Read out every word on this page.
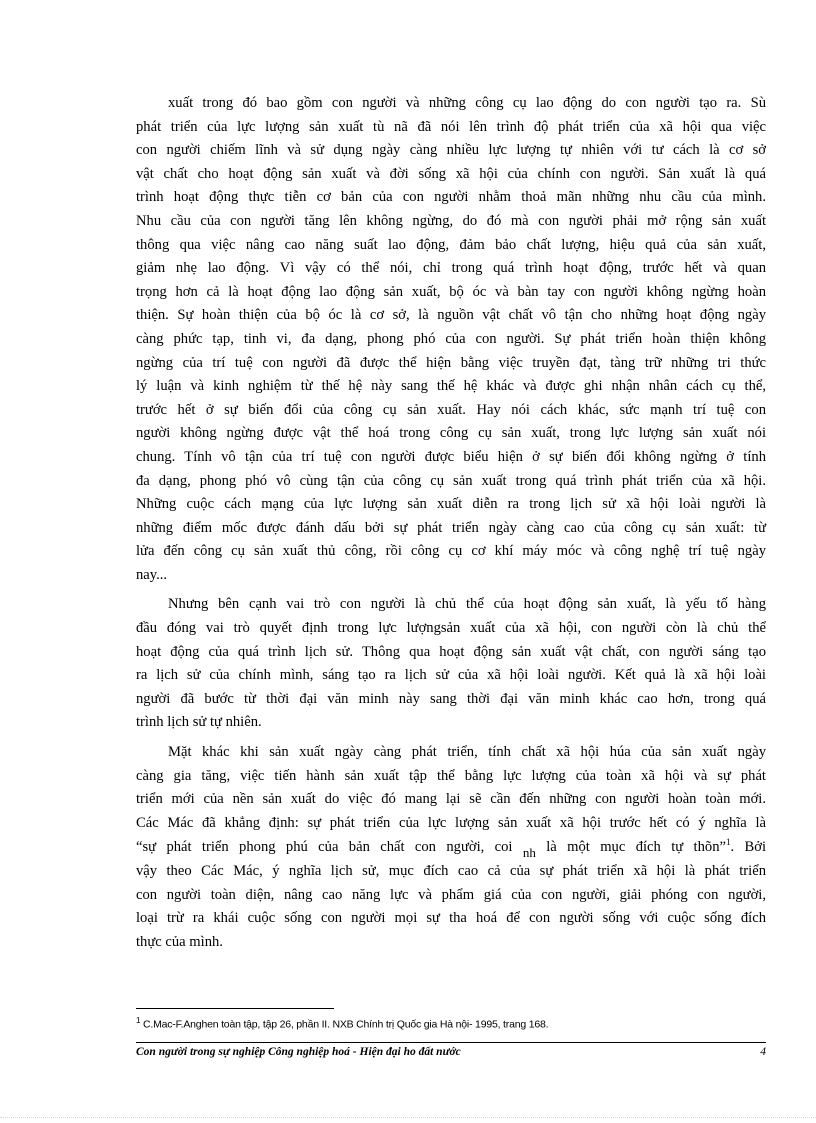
xuất trong đó bao gồm con người và những công cụ lao động do con người tạo ra. Sù
phát triển của lực lượng sản xuất tù nã đã nói lên trình độ phát triển của xã hội qua việc
con người chiếm lĩnh và sử dụng ngày càng nhiều lực lượng tự nhiên với tư cách là cơ sở
vật chất cho hoạt động sản xuất và đời sống xã hội của chính con người. Sản xuất là quá
trình hoạt động thực tiễn cơ bản của con người nhằm thoả mãn những nhu cầu của mình.
Nhu cầu của con người tăng lên không ngừng, do đó mà con người phải mở rộng sản xuất
thông qua việc nâng cao năng suất lao động, đảm bảo chất lượng, hiệu quả của sản xuất,
giảm nhẹ lao động. Vì vậy có thể nói, chỉ trong quá trình hoạt động, trước hết và quan
trọng hơn cả là hoạt động lao động sản xuất, bộ óc và bàn tay con người không ngừng hoàn
thiện. Sự hoàn thiện của bộ óc là cơ sở, là nguồn vật chất vô tận cho những hoạt động ngày
càng phức tạp, tinh vi, đa dạng, phong phó của con người. Sự phát triển hoàn thiện không
ngừng của trí tuệ con người đã được thể hiện bằng việc truyền đạt, tàng trữ những tri thức
lý luận và kinh nghiệm từ thế hệ này sang thế hệ khác và được ghi nhận nhân cách cụ thể,
trước hết ở sự biến đổi của công cụ sản xuất. Hay nói cách khác, sức mạnh trí tuệ con
người không ngừng được vật thể hoá trong công cụ sản xuất, trong lực lượng sản xuất nói
chung. Tính vô tận của trí tuệ con người được biểu hiện ở sự biến đổi không ngừng ở tính
đa dạng, phong phó vô cùng tận của công cụ sản xuất trong quá trình phát triển của xã hội.
Những cuộc cách mạng của lực lượng sản xuất diễn ra trong lịch sử xã hội loài người là
những điểm mốc được đánh dấu bởi sự phát triển ngày càng cao của công cụ sản xuất: từ
lửa đến công cụ sản xuất thủ công, rồi công cụ cơ khí máy móc và công nghệ trí tuệ ngày
nay...
Nhưng bên cạnh vai trò con người là chủ thể của hoạt động sản xuất, là yếu tố hàng
đầu đóng vai trò quyết định trong lực lượngsản xuất của xã hội, con người còn là chủ thể
hoạt động của quá trình lịch sử. Thông qua hoạt động sản xuất vật chất, con người sáng tạo
ra lịch sử của chính mình, sáng tạo ra lịch sử của xã hội loài người. Kết quả là xã hội loài
người đã bước từ thời đại văn minh này sang thời đại văn minh khác cao hơn, trong quá
trình lịch sử tự nhiên.
Mặt khác khi sản xuất ngày càng phát triển, tính chất xã hội húa của sản xuất ngày
càng gia tăng, việc tiến hành sản xuất tập thể bằng lực lượng của toàn xã hội và sự phát
triển mới của nền sản xuất do việc đó mang lại sẽ cần đến những con người hoàn toàn mới.
Các Mác đã khẳng định: sự phát triển của lực lượng sản xuất xã hội trước hết có ý nghĩa là
“sự phát triển phong phú của bản chất con người, coi nh là một mục đích tự thõn”$^1$. Bởi
vậy theo Các Mác, ý nghĩa lịch sử, mục đích cao cả của sự phát triển xã hội là phát triển
con người toàn diện, nâng cao năng lực và phẩm giá của con người, giải phóng con người,
loại trừ ra khái cuộc sống con người mọi sự tha hoá để con người sống với cuộc sống đích
thực của mình.
$^1$ C.Mac-F.Anghen toàn tập, tập 26, phần II. NXB Chính trị Quốc gia Hà nội- 1995, trang 168.
Con người trong sự nghiệp Công nghiệp hoá - Hiện đại ho đất nước	4
